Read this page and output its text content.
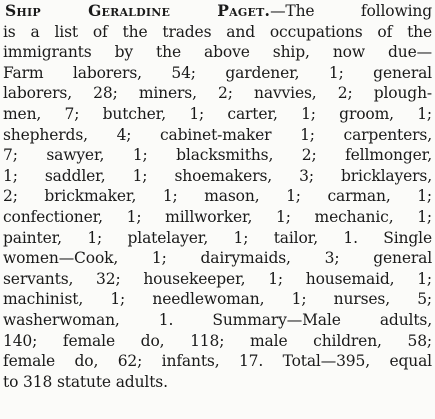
Ship Geraldine Paget.—The following
is a list of the trades and occupations of the
immigrants by the above ship, now due—
Farm laborers, 54; gardener, 1; general
laborers, 28; miners, 2; navvies, 2; plough-
men, 7; butcher, 1; carter, 1; groom, 1;
shepherds, 4; cabinet-maker 1; carpenters,
7; sawyer, 1; blacksmiths, 2; fellmonger,
1; saddler, 1; shoemakers, 3; bricklayers,
2; brickmaker, 1; mason, 1; carman, 1;
confectioner, 1; millworker, 1; mechanic, 1;
painter, 1; platelayer, 1; tailor, 1. Single
women—Cook, 1; dairymaids, 3; general
servants, 32; housekeeper, 1; housemaid, 1;
machinist, 1; needlewoman, 1; nurses, 5;
washerwoman, 1. Summary—Male adults,
140; female do, 118; male children, 58;
female do, 62; infants, 17. Total—395, equal
to 318 statute adults.
